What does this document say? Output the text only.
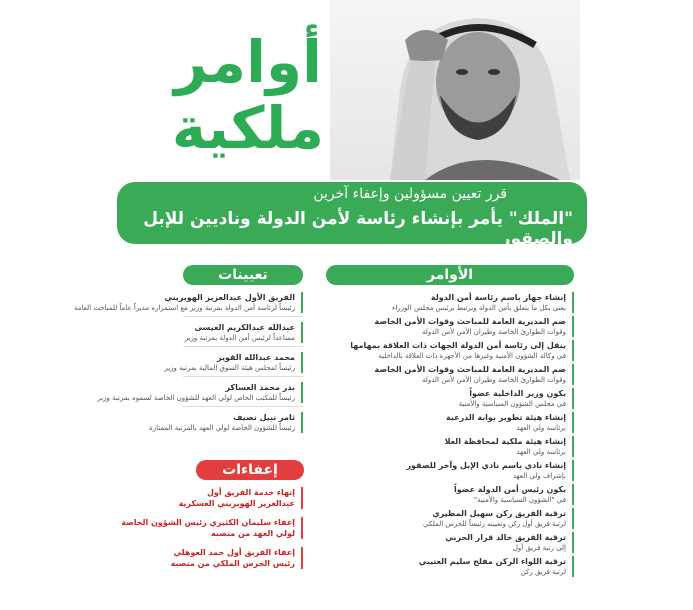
أوامر
ملكية
قرر تعيين مسؤولين وإعفاء آخرين
"الملك" يأمر بإنشاء رئاسة لأمن الدولة وناديين للإبل والصقور
الأوامر
إنشاء جهاز باسم رئاسة أمن الدولة
يعنى بكل ما يتعلق بأمن الدولة ويرتبط برئيس مجلس الوزراء
ضم المديرية العامة للمباحث وقوات الأمن الخاصة
وقوات الطوارئ الخاصة وطيران الأمن لأمن الدولة
ينقل إلى رئاسة أمن الدولة الجهات ذات العلاقة بمهامها
في وكالة الشؤون الأمنية وغيرها من الأجهزة ذات العلاقة بالداخلية
ضم المديرية العامة للمباحث وقوات الأمن الخاصة
وقوات الطوارئ الخاصة وطيران الأمن لأمن الدولة
يكون وزير الداخلية عضواً
في مجلس الشؤون السياسية والأمنية
إنشاء هيئة تطوير بوابة الدرعية
برئاسة ولي العهد
إنشاء هيئة ملكية لمحافظة العلا
برئاسة ولي العهد
إنشاء نادي باسم نادي الإبل وآخر للصقور
بإشراف ولي العهد
يكون رئيس أمن الدولة عضواً
في "الشؤون السياسية والأمنية"
ترقية الفريق ركن سهيل المطيري
لرتبة فريق أول ركن وتعيينه رئيساً للحرس الملكي
ترقية الفريق خالد قرار الحربي
إلى رتبة فريق أول
ترقية اللواء الركن مفلح سليم العتيبي
لرتبة فريق ركن
تعيينات
الفريق الأول عبدالعزيز الهويريني
رئيساً لرئاسة أمن الدولة بمرتبة وزير مع استمراره مديراً عاماً للمباحث العامة
عبدالله عبدالكريم العيسى
مساعداً لرئيس أمن الدولة بمرتبة وزير
محمد عبدالله القويز
رئيساً لمجلس هيئة السوق المالية بمرتبة وزير
بدر محمد العساكر
رئيساً للمكتب الخاص لولي العهد للشؤون الخاصة لسموه بمرتبة وزير
ثامر نبيل نصيف
رئيساً للشؤون الخاصة لولي العهد بالمرتبة الممتازة
إعفاءات
إنهاء خدمة الفريق أول
عبدالعزيز الهويريني العسكرية
إعفاء سليمان الكثيري رئيس الشؤون الخاصة
لولي العهد من منصبه
إعفاء الفريق أول حمد العوهلي
رئيس الحرس الملكي من منصبه
